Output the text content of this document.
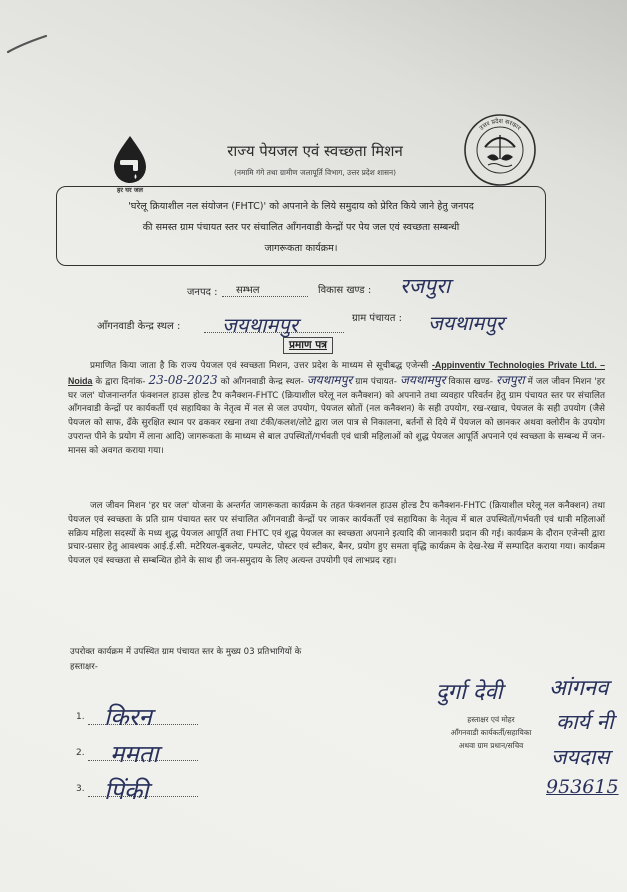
हर घर जल
राज्य पेयजल एवं स्वच्छता मिशन
(नमामि गंगे तथा ग्रामीण जलापूर्ति विभाग, उत्तर प्रदेश शासन)
उत्तर प्रदेश सरकार
'घरेलू क्रियाशील नल संयोजन (FHTC)' को अपनाने के लिये समुदाय को प्रेरित किये जाने हेतु जनपद
की समस्त ग्राम पंचायत स्तर पर संचालित आँगनवाडी केन्द्रों पर पेय जल एवं स्वच्छता सम्बन्धी
जागरूकता कार्यक्रम।
जनपद : सम्भल	विकास खण्ड : रजपुरा
आँगनवाडी केन्द्र स्थल : जयथामपुर	ग्राम पंचायत : जयथामपुर
प्रमाण पत्र
प्रमाणित किया जाता है कि राज्य पेयजल एवं स्वच्छता मिशन, उत्तर प्रदेश के माध्यम से सूचीबद्ध एजेन्सी -Appinventiv Technologies Private Ltd. – Noida के द्वारा दिनांक- 23-08-2023 को आँगनवाडी केन्द्र स्थल- जयथामपुर ग्राम पंचायत- जयथामपुर विकास खण्ड- रजपुरा में जल जीवन मिशन 'हर घर जल' योजनान्तर्गत फंक्शनल हाउस होल्ड टैप कनैक्शन-FHTC (क्रियाशील घरेलू नल कनैक्शन) को अपनाने तथा व्यवहार परिवर्तन हेतु ग्राम पंचायत स्तर पर संचालित आँगनवाडी केन्द्रों पर कार्यकर्ती एवं सहायिका के नेतृत्व में नल से जल उपयोग, पेयजल स्रोतों (नल कनैक्शन) के सही उपयोग, रख-रखाव, पेयजल के सही उपयोग (जैसे पेयजल को साफ, ढँके सुरक्षित स्थान पर ढककर रखना तथा टंकी/कलश/लोटे द्वारा जल पात्र से निकालना, बर्तनों से दिये में पेयजल को छानकर अथवा क्लोरीन के उपयोग उपरान्त पीने के प्रयोग में लाना आदि) जागरूकता के माध्यम से बाल उपस्थितों/गर्भवती एवं धात्री महिलाओं को शुद्ध पेयजल आपूर्ति अपनाने एवं स्वच्छता के सम्बन्ध में जन-मानस को अवगत कराया गया।
जल जीवन मिशन 'हर घर जल' योजना के अन्तर्गत जागरूकता कार्यक्रम के तहत फंक्शनल हाउस होल्ड टैप कनैक्शन-FHTC (क्रियाशील घरेलू नल कनैक्शन) तथा पेयजल एवं स्वच्छता के प्रति ग्राम पंचायत स्तर पर संचालित आँगनवाडी केन्द्रों पर जाकर कार्यकर्ती एवं सहायिका के नेतृत्व में बाल उपस्थितों/गर्भवती एवं धात्री महिलाओं सक्रिय महिला सदस्यों के मध्य शुद्ध पेयजल आपूर्ति तथा FHTC एवं शुद्ध पेयजल का स्वच्छता अपनाने इत्यादि की जानकारी प्रदान की गई। कार्यक्रम के दौरान एजेन्सी द्वारा प्रचार-प्रसार हेतु आवश्यक आई.ई.सी. मटेरियल-बुकलेट, पम्पलेट, पोस्टर एवं स्टीकर, बैनर, प्रयोग हुए समता वृद्धि कार्यक्रम के देख-रेख में सम्पादित कराया गया। कार्यक्रम पेयजल एवं स्वच्छता से सम्बन्धित होने के साथ ही जन-समुदाय के लिए अत्यन्त उपयोगी एवं लाभप्रद रहा।
उपरोक्त कार्यक्रम में उपस्थित ग्राम पंचायत स्तर के मुख्य 03 प्रतिभागियों के
हस्ताक्षर-
1. किरन
2. ममता
3. पिंकी
दुर्गा देवी	आंगनव
कार्य नी
जयदास
953615
हस्ताक्षर एवं मोहर
आँगनवाडी कार्यकर्ती/सहायिका
अथवा ग्राम प्रधान/सचिव
